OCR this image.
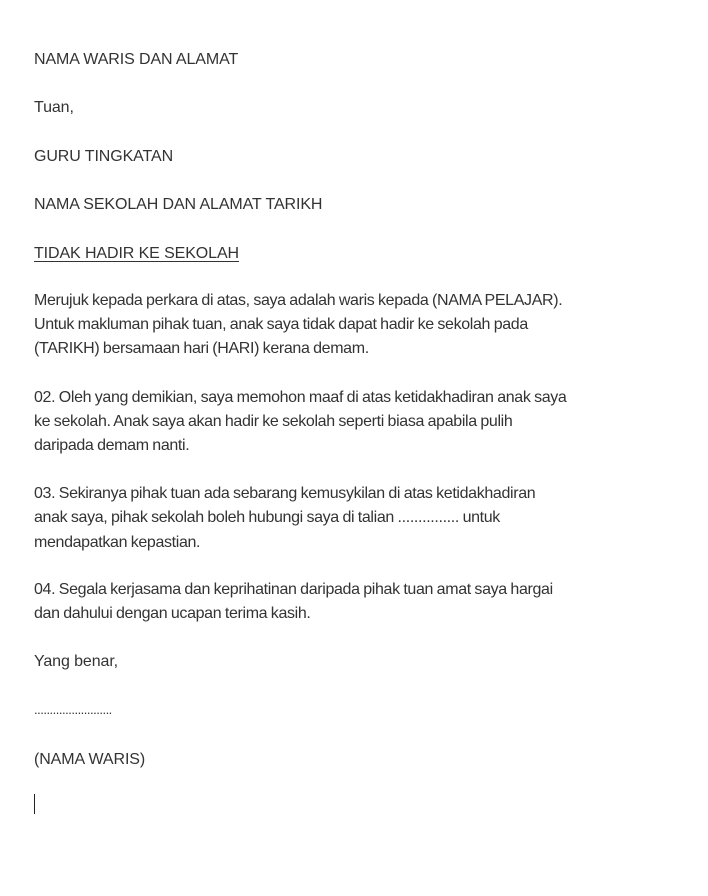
NAMA WARIS DAN ALAMAT
Tuan,
GURU TINGKATAN
NAMA SEKOLAH DAN ALAMAT TARIKH
TIDAK HADIR KE SEKOLAH
Merujuk kepada perkara di atas, saya adalah waris kepada (NAMA PELAJAR).
Untuk makluman pihak tuan, anak saya tidak dapat hadir ke sekolah pada
(TARIKH) bersamaan hari (HARI) kerana demam.
02. Oleh yang demikian, saya memohon maaf di atas ketidakhadiran anak saya
ke sekolah. Anak saya akan hadir ke sekolah seperti biasa apabila pulih
daripada demam nanti.
03. Sekiranya pihak tuan ada sebarang kemusykilan di atas ketidakhadiran
anak saya, pihak sekolah boleh hubungi saya di talian ............... untuk
mendapatkan kepastian.
04. Segala kerjasama dan keprihatinan daripada pihak tuan amat saya hargai
dan dahului dengan ucapan terima kasih.
Yang benar,
.........................
(NAMA WARIS)
